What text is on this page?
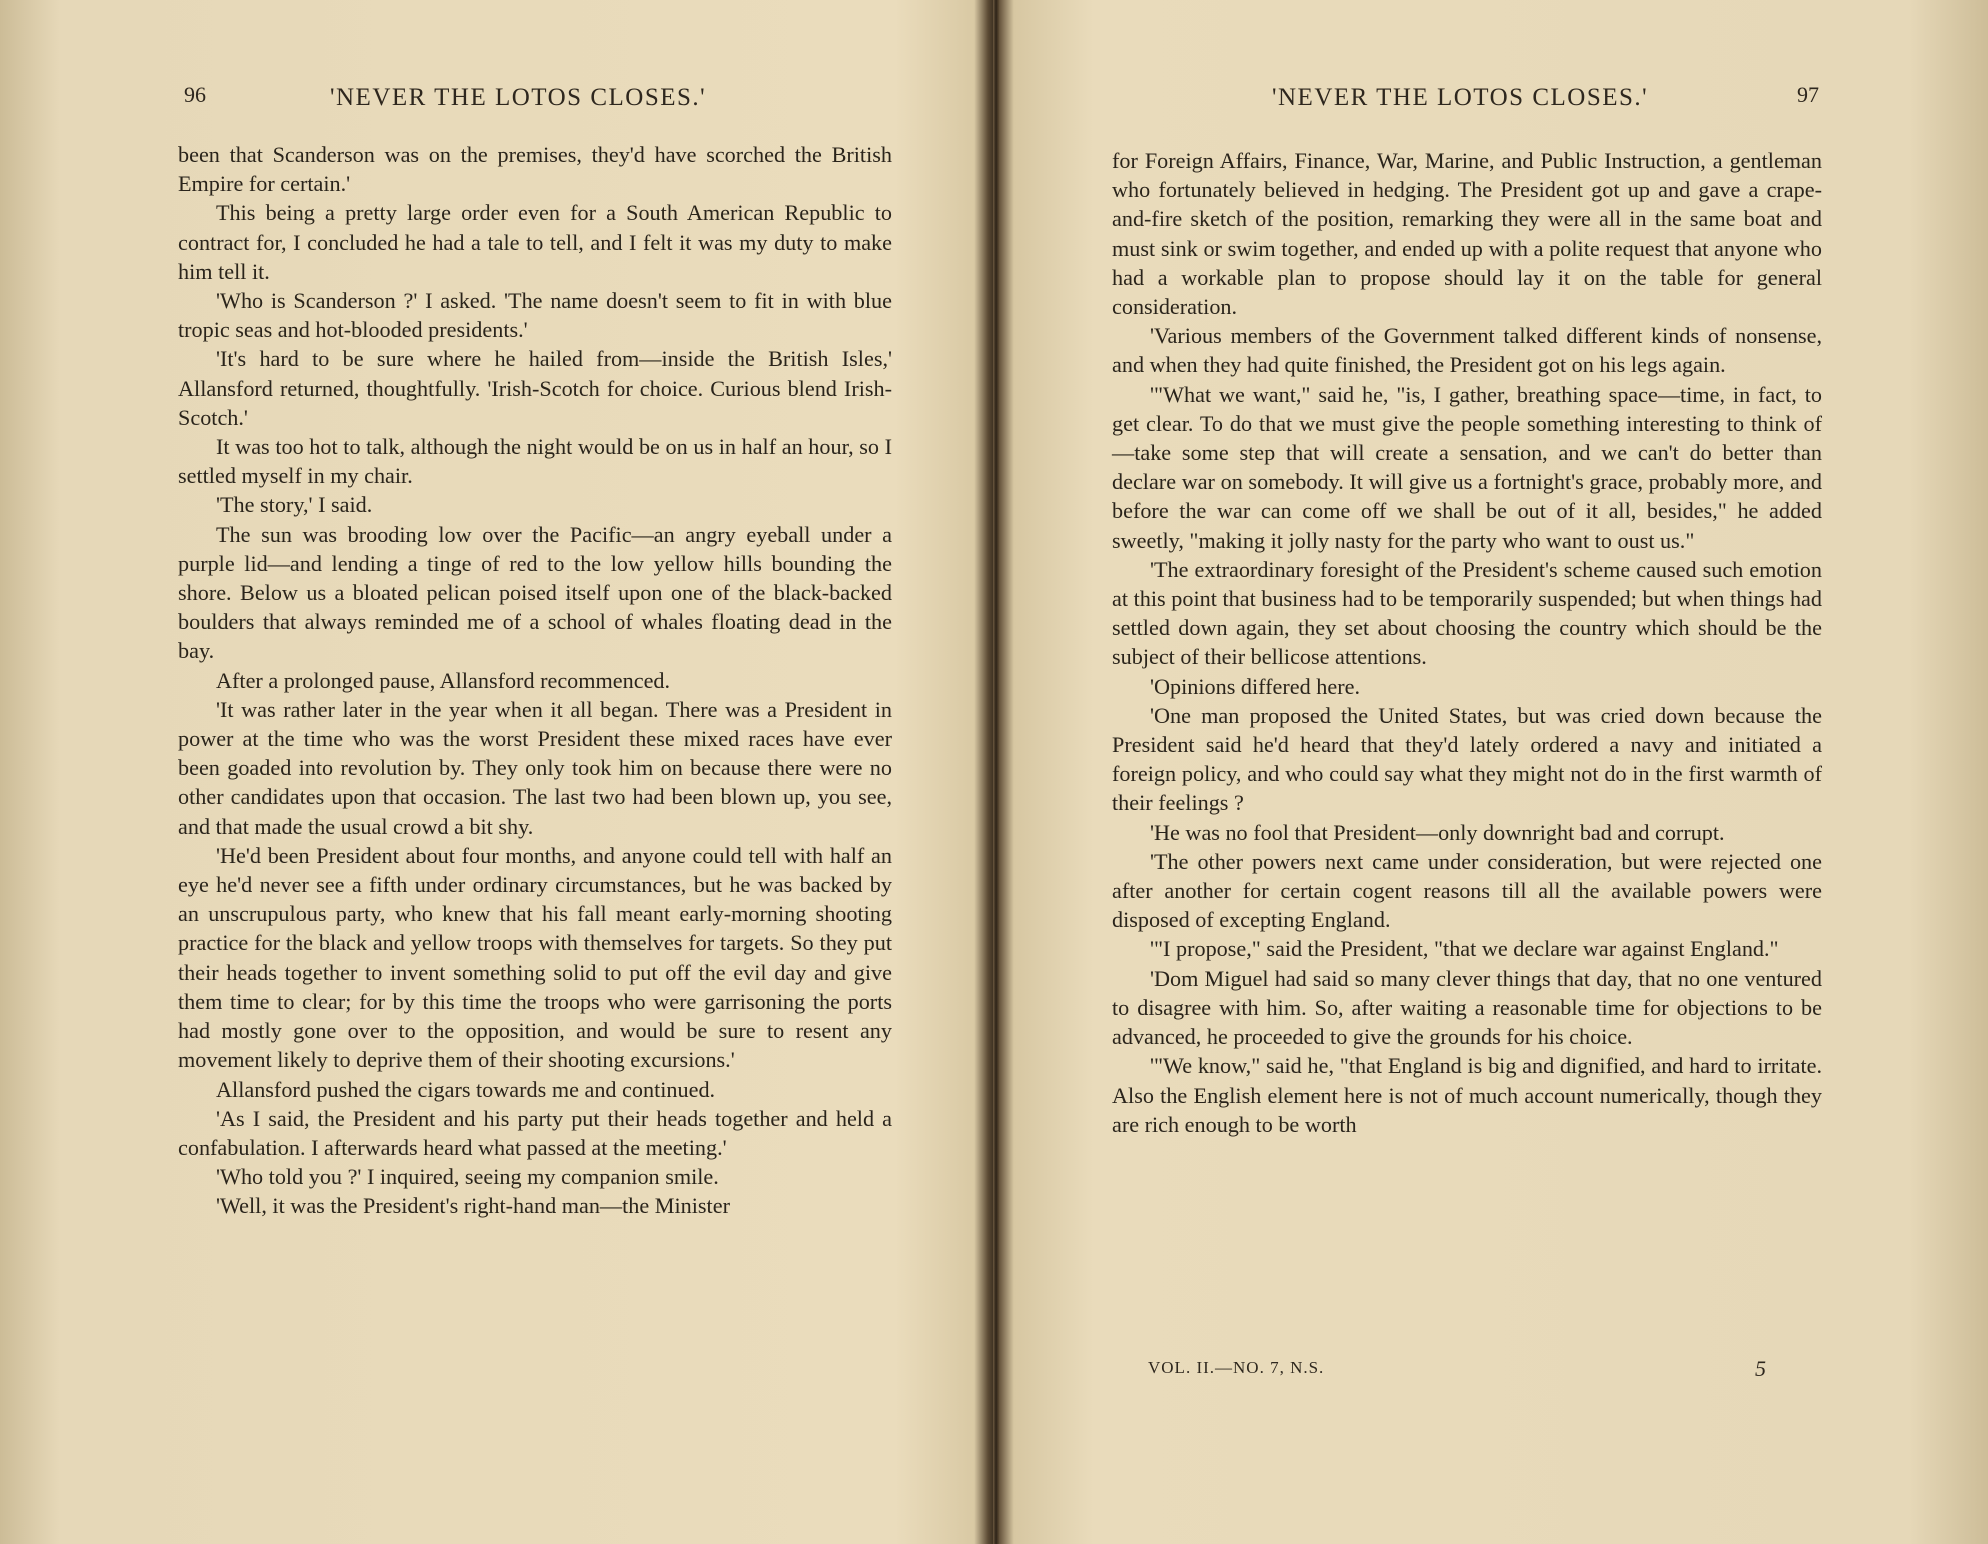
96	'NEVER THE LOTOS CLOSES.'

been that Scanderson was on the premises, they'd have scorched the British Empire for certain.'

This being a pretty large order even for a South American Republic to contract for, I concluded he had a tale to tell, and I felt it was my duty to make him tell it.

'Who is Scanderson ?' I asked. 'The name doesn't seem to fit in with blue tropic seas and hot-blooded presidents.'

'It's hard to be sure where he hailed from—inside the British Isles,' Allansford returned, thoughtfully. 'Irish-Scotch for choice. Curious blend Irish-Scotch.'

It was too hot to talk, although the night would be on us in half an hour, so I settled myself in my chair.

'The story,' I said.

The sun was brooding low over the Pacific—an angry eyeball under a purple lid—and lending a tinge of red to the low yellow hills bounding the shore. Below us a bloated pelican poised itself upon one of the black-backed boulders that always reminded me of a school of whales floating dead in the bay.

After a prolonged pause, Allansford recommenced.

'It was rather later in the year when it all began. There was a President in power at the time who was the worst President these mixed races have ever been goaded into revolution by. They only took him on because there were no other candidates upon that occasion. The last two had been blown up, you see, and that made the usual crowd a bit shy.

'He'd been President about four months, and anyone could tell with half an eye he'd never see a fifth under ordinary circumstances, but he was backed by an unscrupulous party, who knew that his fall meant early-morning shooting practice for the black and yellow troops with themselves for targets. So they put their heads together to invent something solid to put off the evil day and give them time to clear; for by this time the troops who were garrisoning the ports had mostly gone over to the opposition, and would be sure to resent any movement likely to deprive them of their shooting excursions.'

Allansford pushed the cigars towards me and continued.

'As I said, the President and his party put their heads together and held a confabulation. I afterwards heard what passed at the meeting.'

'Who told you ?' I inquired, seeing my companion smile.

'Well, it was the President's right-hand man—the Minister

'NEVER THE LOTOS CLOSES.'	97

for Foreign Affairs, Finance, War, Marine, and Public Instruction, a gentleman who fortunately believed in hedging. The President got up and gave a crape-and-fire sketch of the position, remarking they were all in the same boat and must sink or swim together, and ended up with a polite request that anyone who had a workable plan to propose should lay it on the table for general consideration.

'Various members of the Government talked different kinds of nonsense, and when they had quite finished, the President got on his legs again.

'"What we want," said he, "is, I gather, breathing space—time, in fact, to get clear. To do that we must give the people something interesting to think of—take some step that will create a sensation, and we can't do better than declare war on somebody. It will give us a fortnight's grace, probably more, and before the war can come off we shall be out of it all, besides," he added sweetly, "making it jolly nasty for the party who want to oust us."

'The extraordinary foresight of the President's scheme caused such emotion at this point that business had to be temporarily suspended; but when things had settled down again, they set about choosing the country which should be the subject of their bellicose attentions.

'Opinions differed here.

'One man proposed the United States, but was cried down because the President said he'd heard that they'd lately ordered a navy and initiated a foreign policy, and who could say what they might not do in the first warmth of their feelings ?

'He was no fool that President—only downright bad and corrupt.

'The other powers next came under consideration, but were rejected one after another for certain cogent reasons till all the available powers were disposed of excepting England.

'"I propose," said the President, "that we declare war against England."

'Dom Miguel had said so many clever things that day, that no one ventured to disagree with him. So, after waiting a reasonable time for objections to be advanced, he proceeded to give the grounds for his choice.

'"We know," said he, "that England is big and dignified, and hard to irritate. Also the English element here is not of much account numerically, though they are rich enough to be worth

VOL. II.—NO. 7, N.S.	5
